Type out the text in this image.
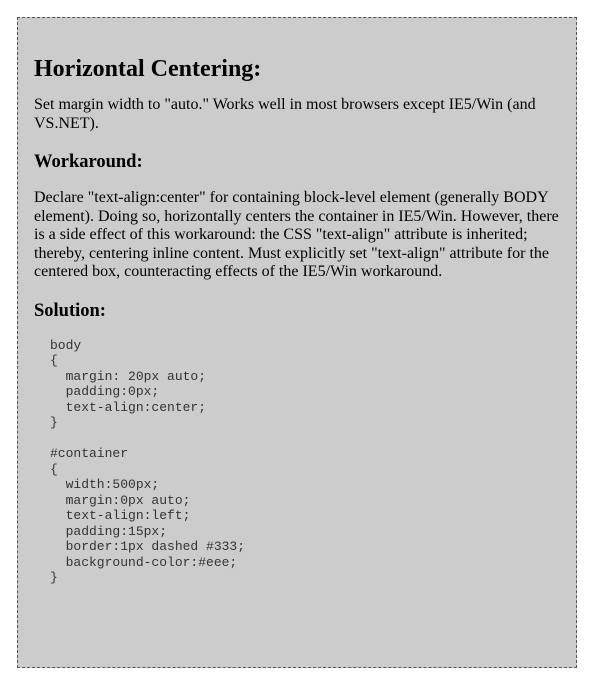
Horizontal Centering:

Set margin width to "auto." Works well in most browsers except IE5/Win (and VS.NET).

Workaround:

Declare "text-align:center" for containing block-level element (generally BODY element). Doing so, horizontally centers the container in IE5/Win. However, there is a side effect of this workaround: the CSS "text-align" attribute is inherited; thereby, centering inline content. Must explicitly set "text-align" attribute for the centered box, counteracting effects of the IE5/Win workaround.

Solution:
body
{
margin: 20px auto;
padding:0px;
text-align:center;
}

#container
{
width:500px;
margin:0px auto;
text-align:left;
padding:15px;
border:1px dashed #333;
background-color:#eee;
}
